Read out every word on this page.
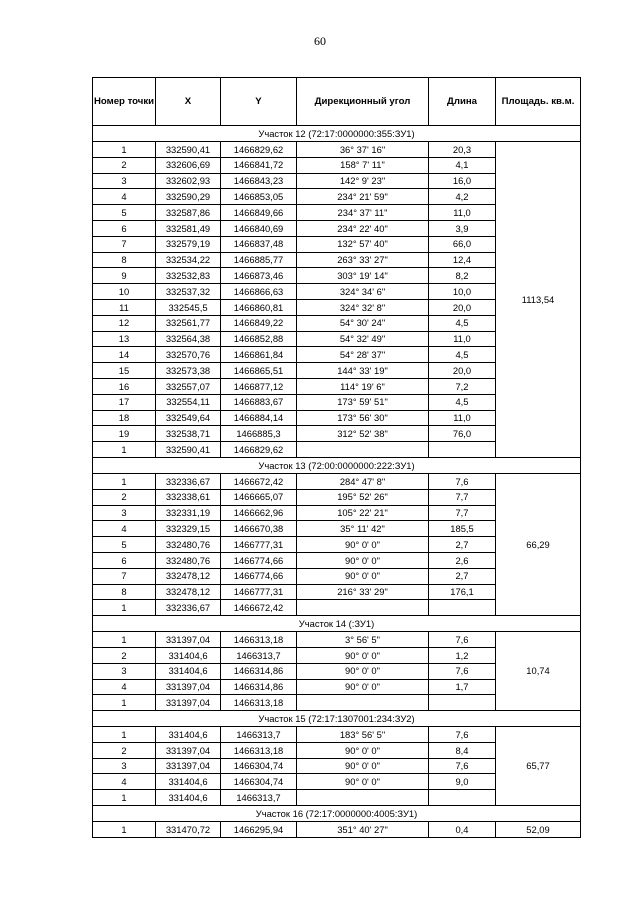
60
Номер точки	X	Y	Дирекционный угол	Длина	Площадь. кв.м.
Участок 12 (72:17:0000000:355:ЗУ1)					
1	332590,41	1466829,62	36° 37' 16"	20,3	1113,54
2	332606,69	1466841,72	158° 7' 11"	4,1	
3	332602,93	1466843,23	142° 9' 23"	16,0	
4	332590,29	1466853,05	234° 21' 59"	4,2	
5	332587,86	1466849,66	234° 37' 11"	11,0	
6	332581,49	1466840,69	234° 22' 40"	3,9	
7	332579,19	1466837,48	132° 57' 40"	66,0	
8	332534,22	1466885,77	263° 33' 27"	12,4	
9	332532,83	1466873,46	303° 19' 14"	8,2	
10	332537,32	1466866,63	324° 34' 6"	10,0	
11	332545,5	1466860,81	324° 32' 8"	20,0	
12	332561,77	1466849,22	54° 30' 24"	4,5	
13	332564,38	1466852,88	54° 32' 49"	11,0	
14	332570,76	1466861,84	54° 28' 37"	4,5	
15	332573,38	1466865,51	144° 33' 19"	20,0	
16	332557,07	1466877,12	114° 19' 6"	7,2	
17	332554,11	1466883,67	173° 59' 51"	4,5	
18	332549,64	1466884,14	173° 56' 30"	11,0	
19	332538,71	1466885,3	312° 52' 38"	76,0	
1	332590,41	1466829,62			
Участок 13 (72:00:0000000:222:ЗУ1)					
1	332336,67	1466672,42	284° 47' 8"	7,6	66,29
2	332338,61	1466665,07	195° 52' 26"	7,7	
3	332331,19	1466662,96	105° 22' 21"	7,7	
4	332329,15	1466670,38	35° 11' 42"	185,5	
5	332480,76	1466777,31	90° 0' 0"	2,7	
6	332480,76	1466774,66	90° 0' 0"	2,6	
7	332478,12	1466774,66	90° 0' 0"	2,7	
8	332478,12	1466777,31	216° 33' 29"	176,1	
1	332336,67	1466672,42			
Участок 14 (:ЗУ1)					
1	331397,04	1466313,18	3° 56' 5"	7,6	10,74
2	331404,6	1466313,7	90° 0' 0"	1,2	
3	331404,6	1466314,86	90° 0' 0"	7,6	
4	331397,04	1466314,86	90° 0' 0"	1,7	
1	331397,04	1466313,18			
Участок 15 (72:17:1307001:234:ЗУ2)					
1	331404,6	1466313,7	183° 56' 5"	7,6	65,77
2	331397,04	1466313,18	90° 0' 0"	8,4	
3	331397,04	1466304,74	90° 0' 0"	7,6	
4	331404,6	1466304,74	90° 0' 0"	9,0	
1	331404,6	1466313,7			
Участок 16 (72:17:0000000:4005:ЗУ1)					
1	331470,72	1466295,94	351° 40' 27"	0,4	52,09
